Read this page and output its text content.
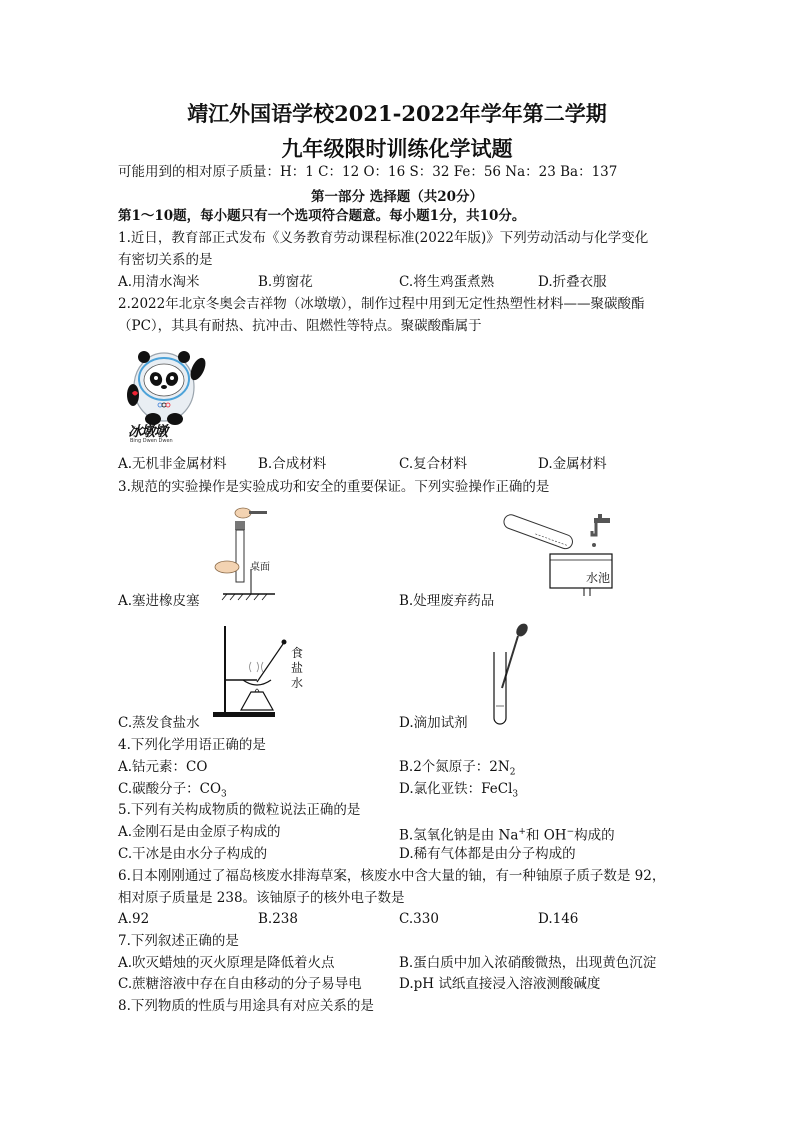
靖江外国语学校2021-2022年学年第二学期
九年级限时训练化学试题
可能用到的相对原子质量：H：1 C：12 O：16 S：32 Fe：56 Na：23 Ba：137
第一部分 选择题（共20分）
第1～10题，每小题只有一个选项符合题意。每小题1分，共10分。
1.近日，教育部正式发布《义务教育劳动课程标准(2022年版)》下列劳动活动与化学变化
有密切关系的是
A.用清水淘米	B.剪窗花	C.将生鸡蛋煮熟	D.折叠衣服
2.2022年北京冬奥会吉祥物（冰墩墩），制作过程中用到无定性热塑性材料——聚碳酸酯
（PC），其具有耐热、抗冲击、阻燃性等特点。聚碳酸酯属于
冰墩墩
Bing Dwen Dwen
A.无机非金属材料 B.合成材料	C.复合材料	D.金属材料
3.规范的实验操作是实验成功和安全的重要保证。下列实验操作正确的是
桌面
水池
A.塞进橡皮塞	B.处理废弃药品
食盐水
C.蒸发食盐水	D.滴加试剂
4.下列化学用语正确的是
A.钴元素：CO	B.2个氮原子：$2N_2$
C.碳酸分子：$CO_3$	D.氯化亚铁：FeCl$_3$
5.下列有关构成物质的微粒说法正确的是
A.金刚石是由金原子构成的	B.氢氧化钠是由 Na+和 OH−构成的
C.干冰是由水分子构成的	D.稀有气体都是由分子构成的
6.日本刚刚通过了福岛核废水排海草案，核废水中含大量的铀，有一种铀原子质子数是 92，
相对原子质量是 238。该铀原子的核外电子数是
A.92	B.238	C.330	D.146
7.下列叙述正确的是
A.吹灭蜡烛的灭火原理是降低着火点	B.蛋白质中加入浓硝酸微热，出现黄色沉淀
C.蔗糖溶液中存在自由移动的分子易导电	D.pH 试纸直接浸入溶液测酸碱度
8.下列物质的性质与用途具有对应关系的是
